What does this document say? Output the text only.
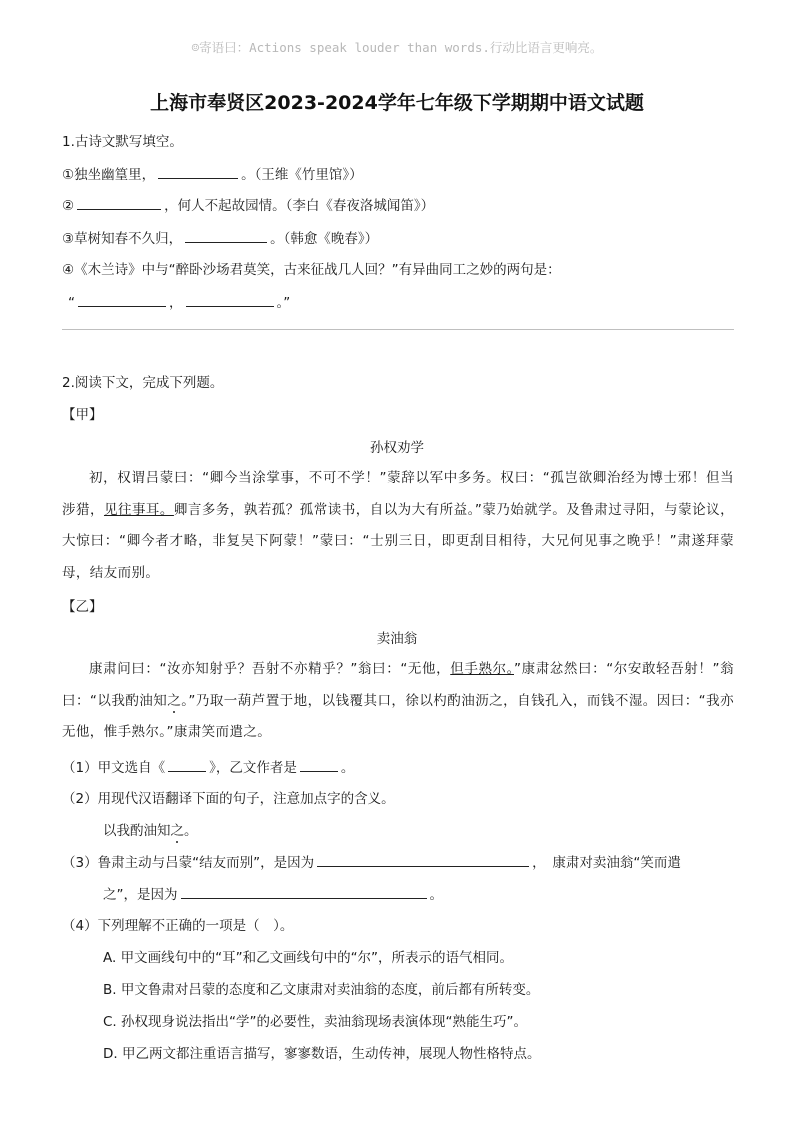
☺寄语曰：Actions speak louder than words.行动比语言更响亮。
上海市奉贤区2023-2024学年七年级下学期期中语文试题
1.古诗文默写填空。
①独坐幽篁里，	。（王维《竹里馆》）
②	，何人不起故园情。（李白《春夜洛城闻笛》）
③草树知春不久归，	。（韩愈《晚春》）
④《木兰诗》中与“醉卧沙场君莫笑，古来征战几人回？”有异曲同工之妙的两句是：
“	，	。”
2.阅读下文，完成下列题。
【甲】
孙权劝学
初，权谓吕蒙曰：“卿今当涂掌事，不可不学！”蒙辞以军中多务。权曰：“孤岂欲卿治经为博士邪！但当涉猎，见往事耳。卿言多务，孰若孤？孤常读书，自以为大有所益。”蒙乃始就学。及鲁肃过寻阳，与蒙论议，大惊曰：“卿今者才略，非复吴下阿蒙！”蒙曰：“士别三日，即更刮目相待，大兄何见事之晚乎！”肃遂拜蒙母，结友而别。
【乙】
卖油翁
康肃问曰：“汝亦知射乎？吾射不亦精乎？”翁曰：“无他，但手熟尔。”康肃忿然曰：“尔安敢轻吾射！”翁曰：“以我酌油知之。”乃取一葫芦置于地，以钱覆其口，徐以杓酌油沥之，自钱孔入，而钱不湿。因曰：“我亦无他，惟手熟尔。”康肃笑而遣之。
（1）甲文选自《	》，乙文作者是	。
（2）用现代汉语翻译下面的句子，注意加点字的含义。
以我酌油知之。
（3）鲁肃主动与吕蒙“结友而别”，是因为	，　康肃对卖油翁“笑而遣
之”，是因为	。
（4）下列理解不正确的一项是（　）。
A. 甲文画线句中的“耳”和乙文画线句中的“尔”，所表示的语气相同。
B. 甲文鲁肃对吕蒙的态度和乙文康肃对卖油翁的态度，前后都有所转变。
C. 孙权现身说法指出“学”的必要性，卖油翁现场表演体现“熟能生巧”。
D. 甲乙两文都注重语言描写，寥寥数语，生动传神，展现人物性格特点。
